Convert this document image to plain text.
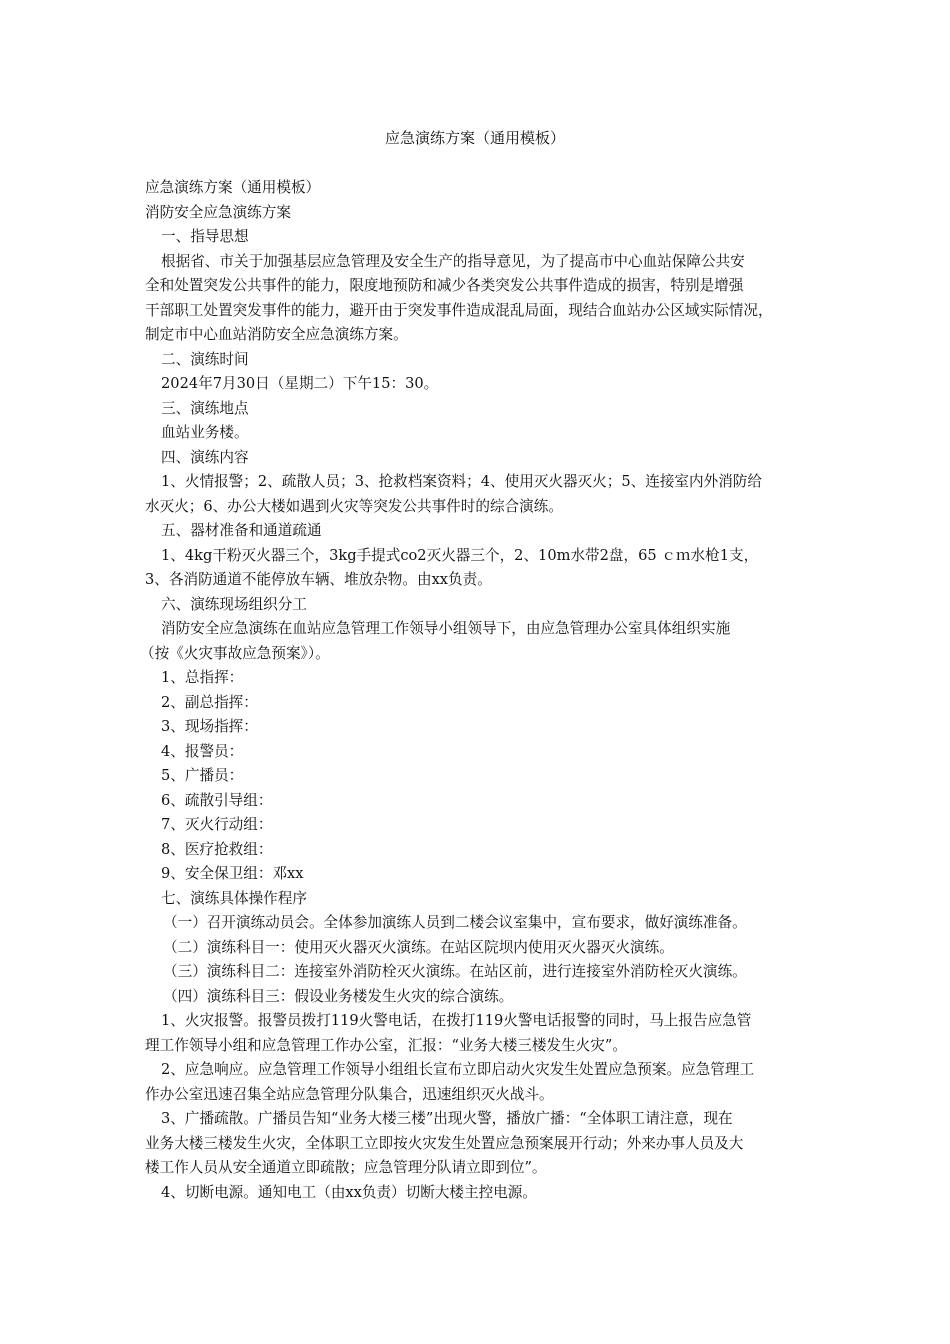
应急演练方案（通用模板）
应急演练方案（通用模板）
消防安全应急演练方案
一、指导思想
根据省、市关于加强基层应急管理及安全生产的指导意见，为了提高市中心血站保障公共安
全和处置突发公共事件的能力，限度地预防和减少各类突发公共事件造成的损害，特别是增强
干部职工处置突发事件的能力，避开由于突发事件造成混乱局面，现结合血站办公区域实际情况，
制定市中心血站消防安全应急演练方案。
二、演练时间
2024年7月30日（星期二）下午15：30。
三、演练地点
血站业务楼。
四、演练内容
1、火情报警；2、疏散人员；3、抢救档案资料；4、使用灭火器灭火；5、连接室内外消防给
水灭火；6、办公大楼如遇到火灾等突发公共事件时的综合演练。
五、器材准备和通道疏通
1、4kg干粉灭火器三个，3kg手提式co2灭火器三个，2、10m水带2盘，65 ｃｍ水枪1支，
3、各消防通道不能停放车辆、堆放杂物。由xx负责。
六、演练现场组织分工
消防安全应急演练在血站应急管理工作领导小组领导下，由应急管理办公室具体组织实施
（按《火灾事故应急预案》）。
1、总指挥：
2、副总指挥：
3、现场指挥：
4、报警员：
5、广播员：
6、疏散引导组：
7、灭火行动组：
8、医疗抢救组：
9、安全保卫组：邓xx
七、演练具体操作程序
（一）召开演练动员会。全体参加演练人员到二楼会议室集中，宣布要求，做好演练准备。
（二）演练科目一：使用灭火器灭火演练。在站区院坝内使用灭火器灭火演练。
（三）演练科目二：连接室外消防栓灭火演练。在站区前，进行连接室外消防栓灭火演练。
（四）演练科目三：假设业务楼发生火灾的综合演练。
1、火灾报警。报警员拨打119火警电话，在拨打119火警电话报警的同时，马上报告应急管
理工作领导小组和应急管理工作办公室，汇报：“业务大楼三楼发生火灾”。
2、应急响应。应急管理工作领导小组组长宣布立即启动火灾发生处置应急预案。应急管理工
作办公室迅速召集全站应急管理分队集合，迅速组织灭火战斗。
3、广播疏散。广播员告知“业务大楼三楼”出现火警，播放广播：“全体职工请注意，现在
业务大楼三楼发生火灾，全体职工立即按火灾发生处置应急预案展开行动；外来办事人员及大
楼工作人员从安全通道立即疏散；应急管理分队请立即到位”。
4、切断电源。通知电工（由xx负责）切断大楼主控电源。
